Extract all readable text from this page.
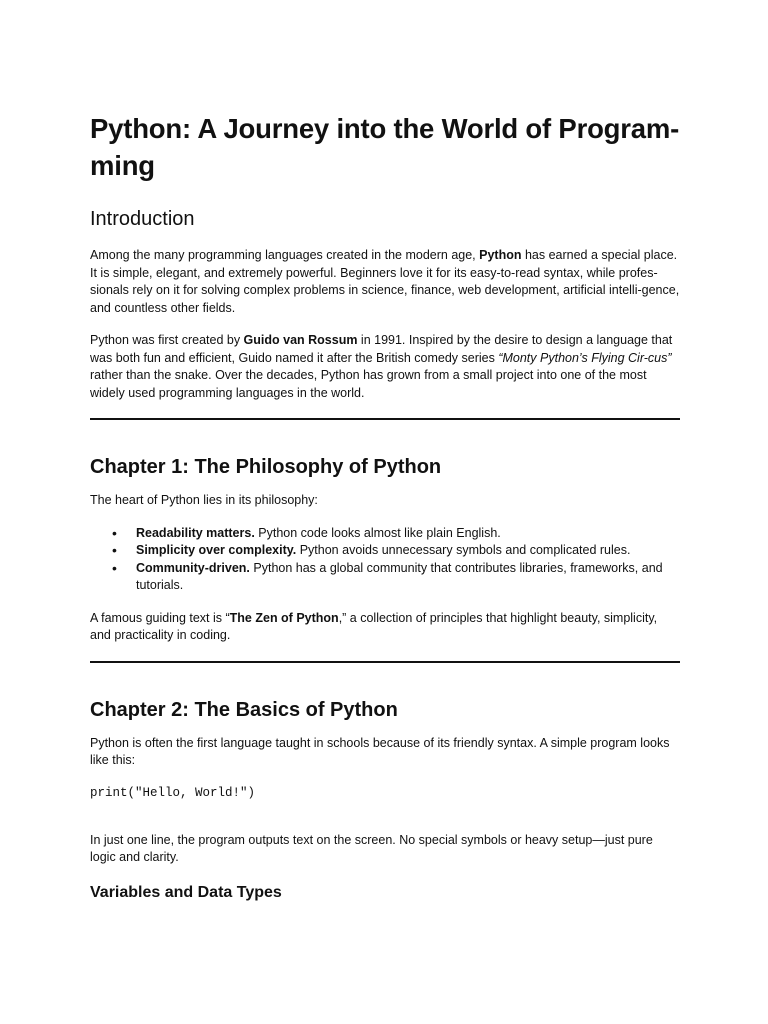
Python: A Journey into the World of Program-
ming
Introduction

Among the many programming languages created in the modern age, Python has earned a special place. It is simple, elegant, and extremely powerful. Beginners love it for its easy-to-read syntax, while profes-sionals rely on it for solving complex problems in science, finance, web development, artificial intelli-gence, and countless other fields.

Python was first created by Guido van Rossum in 1991. Inspired by the desire to design a language that was both fun and efficient, Guido named it after the British comedy series “Monty Python’s Flying Cir-cus” rather than the snake. Over the decades, Python has grown from a small project into one of the most widely used programming languages in the world.

Chapter 1: The Philosophy of Python

The heart of Python lies in its philosophy:

• Readability matters. Python code looks almost like plain English.
• Simplicity over complexity. Python avoids unnecessary symbols and complicated rules.
• Community-driven. Python has a global community that contributes libraries, frameworks, and tutorials.

A famous guiding text is “The Zen of Python,” a collection of principles that highlight beauty, simplicity, and practicality in coding.

Chapter 2: The Basics of Python

Python is often the first language taught in schools because of its friendly syntax. A simple program looks like this:

print("Hello, World!")

In just one line, the program outputs text on the screen. No special symbols or heavy setup—just pure logic and clarity.

Variables and Data Types
